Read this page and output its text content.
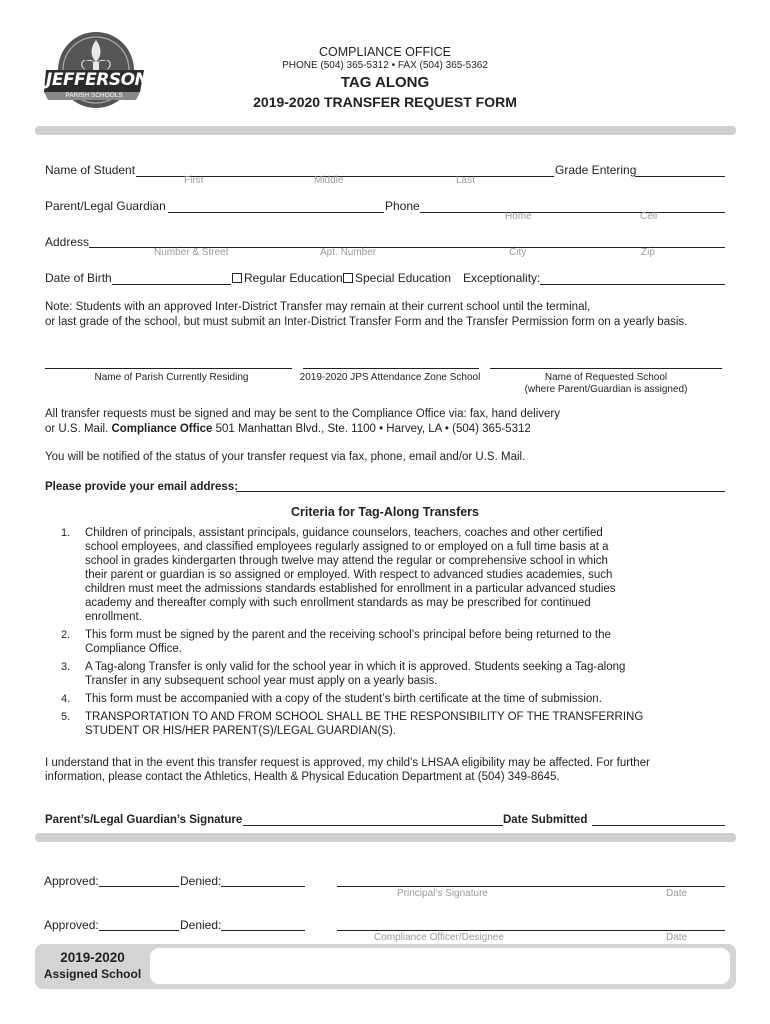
JEFFERSON
PARISH SCHOOLS
COMPLIANCE OFFICE
PHONE (504) 365-5312 • FAX (504) 365-5362
TAG ALONG
2019-2020 TRANSFER REQUEST FORM
Name of Student	Grade Entering
First	Middle	Last
Parent/Legal Guardian	Phone
Home	Cell
Address
Number & Street	Apt. Number	City	Zip
Date of Birth	Regular Education	Special Education Exceptionality:
Note: Students with an approved Inter-District Transfer may remain at their current school until the terminal,
or last grade of the school, but must submit an Inter-District Transfer Form and the Transfer Permission form on a yearly basis.
Name of Parish Currently Residing	2019-2020 JPS Attendance Zone School	Name of Requested School
(where Parent/Guardian is assigned)
All transfer requests must be signed and may be sent to the Compliance Office via: fax, hand delivery
or U.S. Mail. Compliance Office 501 Manhattan Blvd., Ste. 1100 • Harvey, LA • (504) 365-5312
You will be notified of the status of your transfer request via fax, phone, email and/or U.S. Mail.
Please provide your email address:
Criteria for Tag-Along Transfers
1. Children of principals, assistant principals, guidance counselors, teachers, coaches and other certified
school employees, and classified employees regularly assigned to or employed on a full time basis at a
school in grades kindergarten through twelve may attend the regular or comprehensive school in which
their parent or guardian is so assigned or employed. With respect to advanced studies academies, such
children must meet the admissions standards established for enrollment in a particular advanced studies
academy and thereafter comply with such enrollment standards as may be prescribed for continued
enrollment.
2. This form must be signed by the parent and the receiving school’s principal before being returned to the
Compliance Office.
3. A Tag-along Transfer is only valid for the school year in which it is approved. Students seeking a Tag-along
Transfer in any subsequent school year must apply on a yearly basis.
4. This form must be accompanied with a copy of the student’s birth certificate at the time of submission.
5. TRANSPORTATION TO AND FROM SCHOOL SHALL BE THE RESPONSIBILITY OF THE TRANSFERRING
STUDENT OR HIS/HER PARENT(S)/LEGAL GUARDIAN(S).
I understand that in the event this transfer request is approved, my child’s LHSAA eligibility may be affected. For further
information, please contact the Athletics, Health & Physical Education Department at (504) 349-8645.
Parent’s/Legal Guardian’s Signature	Date Submitted
Approved:	Denied:
Principal’s Signature	Date
Approved:	Denied:
Compliance Officer/Designee	Date
2019-2020
Assigned School
